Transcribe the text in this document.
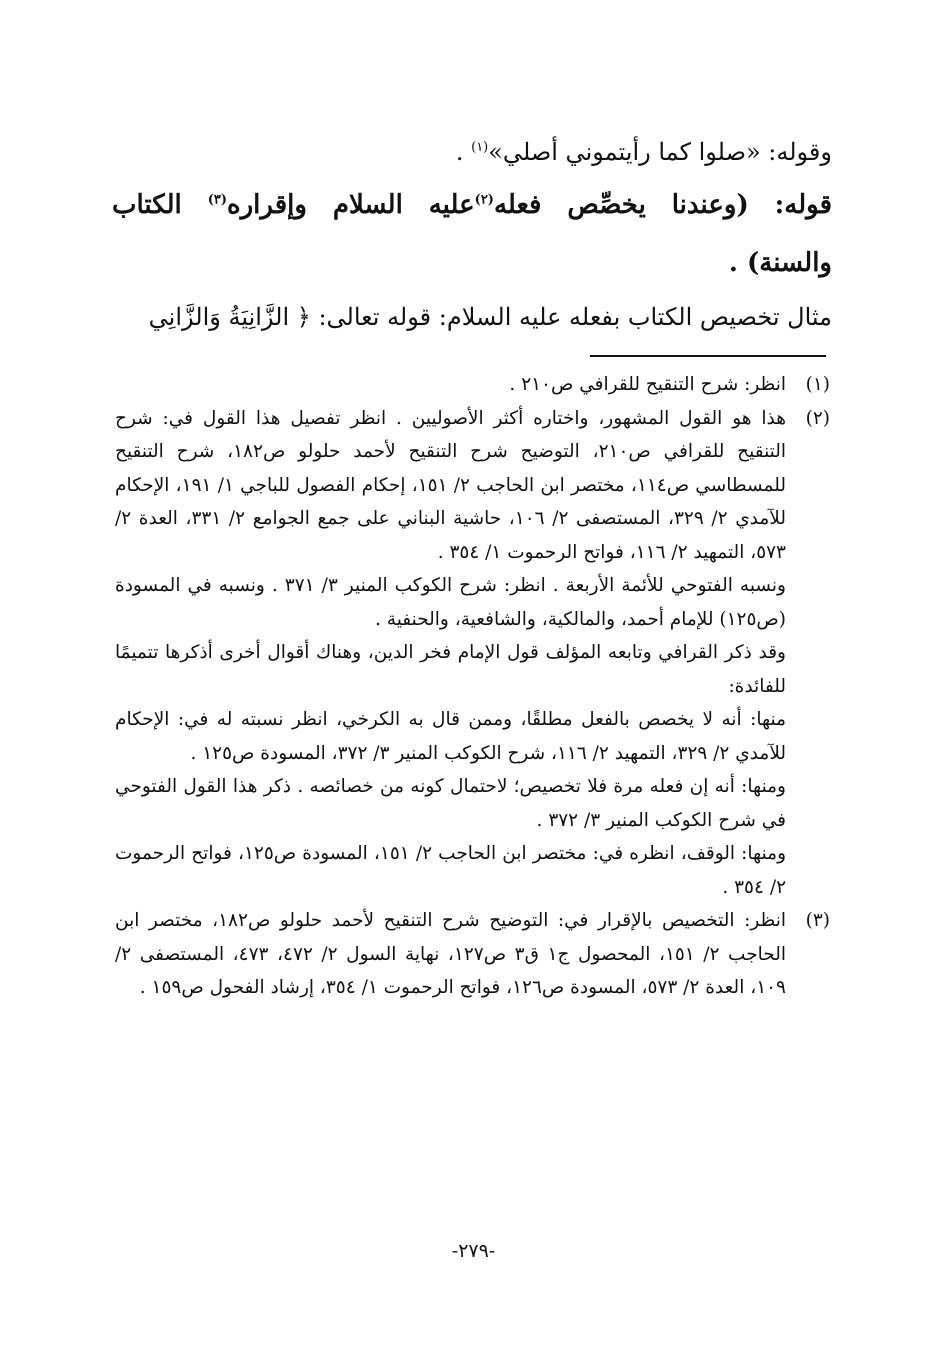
وقوله: «صلوا كما رأيتموني أصلي»$^{(١)}$ .
قوله: (وعندنا يخصِّص فعله$^{(٢)}$عليه السلام وإقراره$^{(٣)}$ الكتاب
والسنة) .
مثال تخصيص الكتاب بفعله عليه السلام: قوله تعالى: ﴿ الزَّانِيَةُ وَالزَّانِي
(١)

انظر: شرح التنقيح للقرافي ص٢١٠ .

(٢)

هذا هو القول المشهور، واختاره أكثر الأصوليين . انظر تفصيل هذا القول في: شرح التنقيح للقرافي ص٢١٠، التوضيح شرح التنقيح لأحمد حلولو ص١٨٢، شرح التنقيح للمسطاسي ص١١٤، مختصر ابن الحاجب ٢/ ١٥١، إحكام الفصول للباجي ١/ ١٩١، الإحكام للآمدي ٢/ ٣٢٩، المستصفى ٢/ ١٠٦، حاشية البناني على جمع الجوامع ٢/ ٣٣١، العدة ٢/ ٥٧٣، التمهيد ٢/ ١١٦، فواتح الرحموت ١/ ٣٥٤ .

ونسبه الفتوحي للأئمة الأربعة . انظر: شرح الكوكب المنير ٣/ ٣٧١ . ونسبه في المسودة (ص١٢٥) للإمام أحمد، والمالكية، والشافعية، والحنفية .

وقد ذكر القرافي وتابعه المؤلف قول الإمام فخر الدين، وهناك أقوال أخرى أذكرها تتميمًا للفائدة:

منها: أنه لا يخصص بالفعل مطلقًا، وممن قال به الكرخي، انظر نسبته له في: الإحكام للآمدي ٢/ ٣٢٩، التمهيد ٢/ ١١٦، شرح الكوكب المنير ٣/ ٣٧٢، المسودة ص١٢٥ .

ومنها: أنه إن فعله مرة فلا تخصيص؛ لاحتمال كونه من خصائصه . ذكر هذا القول الفتوحي في شرح الكوكب المنير ٣/ ٣٧٢ .

ومنها: الوقف، انظره في: مختصر ابن الحاجب ٢/ ١٥١، المسودة ص١٢٥، فواتح الرحموت ٢/ ٣٥٤ .

(٣)

انظر: التخصيص بالإقرار في: التوضيح شرح التنقيح لأحمد حلولو ص١٨٢، مختصر ابن الحاجب ٢/ ١٥١، المحصول ج١ ق٣ ص١٢٧، نهاية السول ٢/ ٤٧٢، ٤٧٣، المستصفى ٢/ ١٠٩، العدة ٢/ ٥٧٣، المسودة ص١٢٦، فواتح الرحموت ١/ ٣٥٤، إرشاد الفحول ص١٥٩ .

-٢٧٩-
